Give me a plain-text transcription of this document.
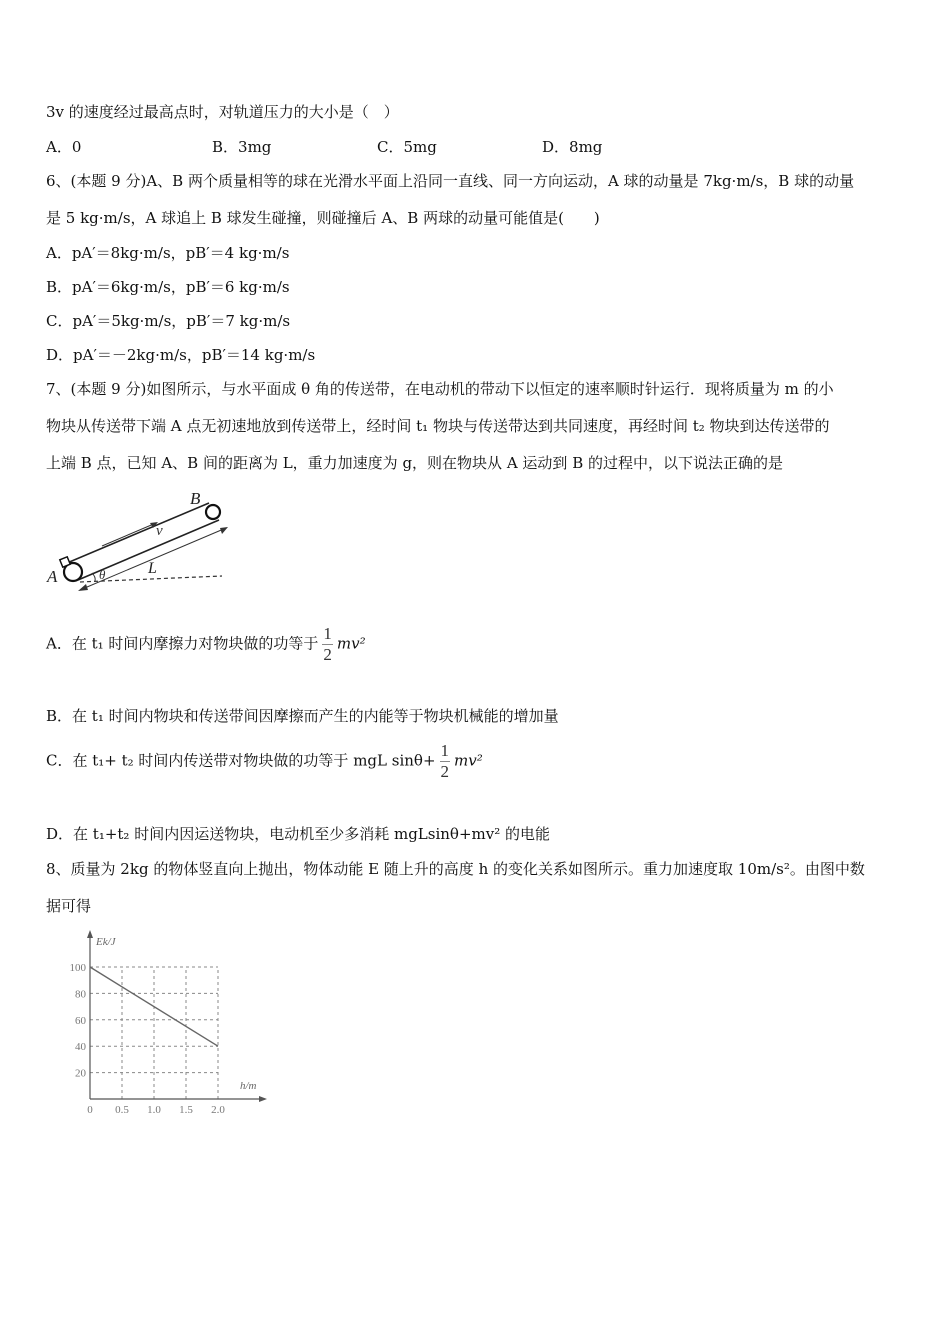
3v 的速度经过最高点时，对轨道压力的大小是（　）
A．0	B．3mg	C．5mg	D．8mg
6、(本题 9 分)A、B 两个质量相等的球在光滑水平面上沿同一直线、同一方向运动，A 球的动量是 7kg·m/s，B 球的动量
是 5 kg·m/s，A 球追上 B 球发生碰撞，则碰撞后 A、B 两球的动量可能值是(　　)
A．pA′＝8kg·m/s，pB′＝4 kg·m/s
B．pA′＝6kg·m/s，pB′＝6 kg·m/s
C．pA′＝5kg·m/s，pB′＝7 kg·m/s
D．pA′＝－2kg·m/s，pB′＝14 kg·m/s
7、(本题 9 分)如图所示，与水平面成 θ 角的传送带，在电动机的带动下以恒定的速率顺时针运行．现将质量为 m 的小
物块从传送带下端 A 点无初速地放到传送带上，经时间 t₁ 物块与传送带达到共同速度，再经时间 t₂ 物块到达传送带的
上端 B 点，已知 A、B 间的距离为 L，重力加速度为 g，则在物块从 A 运动到 B 的过程中，以下说法正确的是
B
v
L
θ
A
A．在 t₁ 时间内摩擦力对物块做的功等于 $\frac{1}{2} mv^2$
B．在 t₁ 时间内物块和传送带间因摩擦而产生的内能等于物块机械能的增加量
C．在 t₁+ t₂ 时间内传送带对物块做的功等于 mgL $\sin\theta+ \frac{1}{2} mv^2$
D．在 t₁+t₂ 时间内因运送物块，电动机至少多消耗 mgLsinθ+mv² 的电能
8、质量为 2kg 的物体竖直向上抛出，物体动能 E 随上升的高度 h 的变化关系如图所示。重力加速度取 10m/s²。由图中数
据可得
Ek/J
h/m
20
40
60
80
100
0 0.5 1.0 1.5 2.0
